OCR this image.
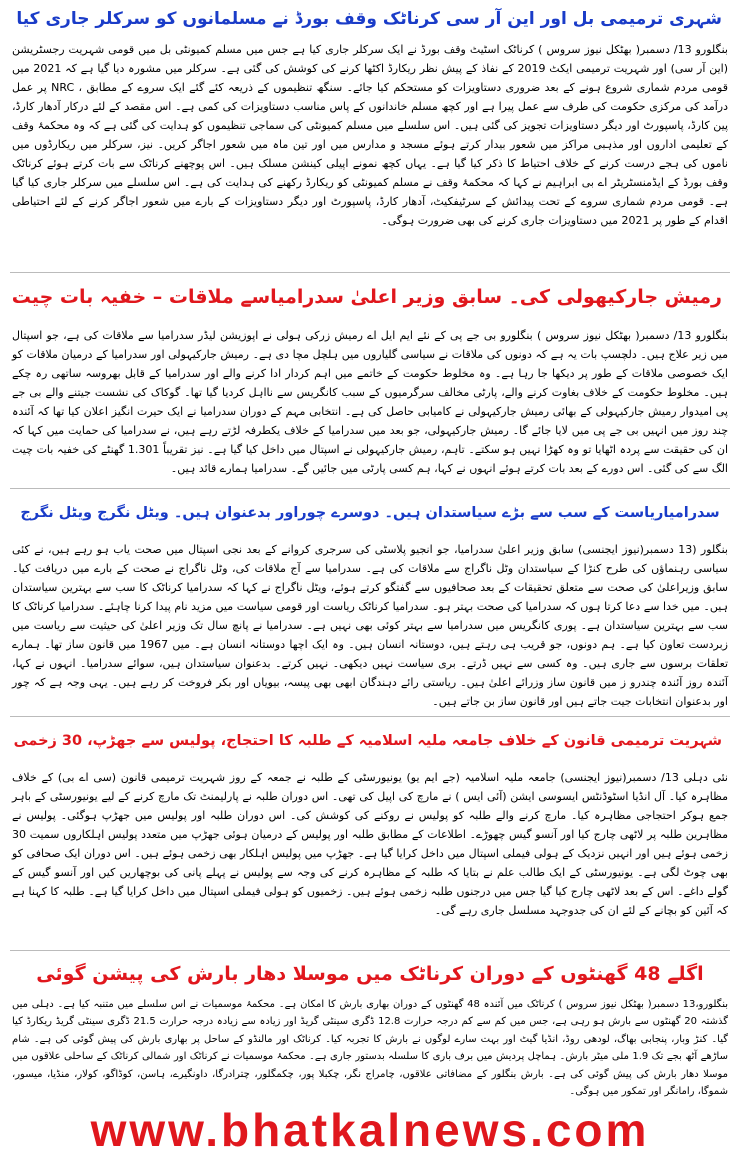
شہری ترمیمی بل اور این آر سی کرناٹک وقف بورڈ نے مسلمانوں کو سرکلر جاری کیا

بنگلورو 13/ دسمبر( بھٹکل نیوز سروس ) کرناٹک اسٹیٹ وقف بورڈ نے ایک سرکلر جاری کیا ہے جس میں مسلم کمیونٹی بل میں قومی شہریت رجسٹریشن (این آر سی) اور شہریت ترمیمی ایکٹ 2019 کے نفاذ کے پیش نظر ریکارڈ اکٹھا کرنے کی کوشش کی گئی ہے۔ سرکلر میں مشورہ دیا گیا ہے کہ 2021 میں قومی مردم شماری شروع ہونے کے بعد ضروری دستاویزات کو مستحکم کیا جائے۔ سنگھ تنظیموں کے ذریعہ کئے گئے ایک سروے کے مطابق ، NRC پر عمل درآمد کی مرکزی حکومت کی طرف سے عمل پیرا ہے اور کچھ مسلم خاندانوں کے پاس مناسب دستاویزات کی کمی ہے۔ اس مقصد کے لئے درکار آدھار کارڈ، پین کارڈ، پاسپورٹ اور دیگر دستاویزات تجویز کی گئی ہیں۔ اس سلسلے میں مسلم کمیونٹی کی سماجی تنظیموں کو ہدایت کی گئی ہے کہ وہ محکمۂ وقف کے تعلیمی اداروں اور مذہبی مراکز میں شعور بیدار کرتے ہوئے مسجد و مدارس میں اور تین ماہ میں شعور اجاگر کریں۔ نیز، سرکلر میں ریکارڈوں میں ناموں کی ہجے درست کرنے کے خلاف احتیاط کا ذکر کیا گیا ہے۔ یہاں کچھ نمونے اپیلی کینشن مسلک ہیں۔ اس پوچھنے کرناٹک سے بات کرتے ہوئے کرناٹک وقف بورڈ کے ایڈمنسٹریٹر اے بی ابراہیم نے کہا کہ محکمۂ وقف نے مسلم کمیونٹی کو ریکارڈ رکھنے کی ہدایت کی ہے۔ اس سلسلے میں سرکلر جاری کیا گیا ہے۔ قومی مردم شماری سروے کے تحت پیدائش کے سرٹیفکیٹ، آدھار کارڈ، پاسپورٹ اور دیگر دستاویزات کے بارے میں شعور اجاگر کرنے کے لئے احتیاطی اقدام کے طور پر 2021 میں دستاویزات جاری کرنے کی بھی ضرورت ہوگی۔

رمیش جارکیھولی کی۔ سابق وزیر اعلیٰ سدرامیاسے ملاقات – خفیہ بات چیت

بنگلورو 13/ دسمبر( بھٹکل نیوز سروس ) بنگلورو بی جے پی کے نئے ایم ایل اے رمیش زرکی ہولی نے اپوزیشن لیڈر سدرامیا سے ملاقات کی ہے، جو اسپتال میں زیر علاج ہیں۔ دلچسپ بات یہ ہے کہ دونوں کی ملاقات نے سیاسی گلیاروں میں ہلچل مچا دی ہے۔ رمیش جارکیہولی اور سدرامیا کے درمیان ملاقات کو ایک خصوصی ملاقات کے طور پر دیکھا جا رہا ہے۔ وہ مخلوط حکومت کے خاتمے میں اہم کردار ادا کرنے والے اور سدرامیا کے قابل بھروسہ ساتھی رہ چکے ہیں۔ مخلوط حکومت کے خلاف بغاوت کرنے والے، پارٹی مخالف سرگرمیوں کے سبب کانگریس سے نااہل کردیا گیا تھا۔ گوکاک کی نشست جیتنے والے بی جے پی امیدوار رمیش جارکیہولی کے بھائی رمیش جارکیہولی نے کامیابی حاصل کی ہے۔ انتخابی مہم کے دوران سدرامیا نے ایک حیرت انگیز اعلان کیا تھا کہ آئندہ چند روز میں انہیں بی جے پی میں لایا جائے گا۔ رمیش جارکیہولی، جو بعد میں سدرامیا کے خلاف یکطرفہ لڑتے رہے ہیں، نے سدرامیا کی حمایت میں کہا کہ ان کی حقیقت سے پردہ اٹھایا تو وہ کھڑا نہیں ہو سکتے۔ تاہم، رمیش جارکیہولی نے اسپتال میں داخل کیا گیا ہے۔ نیز تقریباً 1.301 گھنٹے کی خفیہ بات چیت الگ سے کی گئی۔ اس دورے کے بعد بات کرتے ہوئے انہوں نے کہا، ہم کسی پارٹی میں جائیں گے۔ سدرامیا ہمارے قائد ہیں۔

سدرامیاریاست کے سب سے بڑے سیاستدان ہیں۔ دوسرے چوراور بدعنوان ہیں۔ ویٹل نگرج ویٹل نگرج

بنگلور (13 دسمبر(نیوز ایجنسی) سابق وزیر اعلیٰ سدرامیا، جو انجیو پلاسٹی کی سرجری کروانے کے بعد نجی اسپتال میں صحت یاب ہو رہے ہیں، نے کئی سیاسی رہنماؤں کی طرح کنڑا کے سیاستدان وٹل ناگراج سے ملاقات کی ہے۔ سدرامیا سے آج ملاقات کی، وٹل ناگراج نے صحت کے بارے میں دریافت کیا۔ سابق وزیراعلیٰ کی صحت سے متعلق تحقیقات کے بعد صحافیوں سے گفتگو کرتے ہوئے، ویٹل ناگراج نے کہا کہ سدرامیا کرناٹک کا سب سے بہترین سیاستدان ہیں۔ میں خدا سے دعا کرتا ہوں کہ سدرامیا کی صحت بہتر ہو۔ سدرامیا کرناٹک ریاست اور قومی سیاست میں مزید نام پیدا کرنا چاہئے۔ سدرامیا کرناٹک کا سب سے بہترین سیاستدان ہے۔ پوری کانگریس میں سدرامیا سے بہتر کوئی بھی نہیں ہے۔ سدرامیا نے پانچ سال تک وزیر اعلیٰ کی حیثیت سے ریاست میں زبردست تعاون کیا ہے۔ ہم دونوں، جو قریب ہی رہتے ہیں، دوستانہ انسان ہیں۔ وہ ایک اچھا دوستانہ انسان ہے۔ میں 1967 میں قانون ساز تھا۔ ہمارے تعلقات برسوں سے جاری ہیں۔ وہ کسی سے نہیں ڈرتے۔ بری سیاست نہیں دیکھی۔ نہیں کرتے۔ بدعنوان سیاستدان ہیں، سوائے سدرامیا۔ انہوں نے کہا، آئندہ روز آئندہ چندرو ز میں قانون ساز وزرائے اعلیٰ ہیں۔ ریاستی رائے دہندگان ابھی بھی پیسہ، بیویاں اور بکر فروخت کر رہے ہیں۔ یہی وجہ ہے کہ چور اور بدعنوان انتخابات جیت جاتے ہیں اور قانون ساز بن جاتے ہیں۔

شہریت ترمیمی قانون کے خلاف جامعہ ملیہ اسلامیہ کے طلبہ کا احتجاج، پولیس سے جھڑپ، 30 زخمی

نئی دہلی 13/ دسمبر(نیوز ایجنسی) جامعہ ملیہ اسلامیہ (جے ایم یو) یونیورسٹی کے طلبہ نے جمعہ کے روز شہریت ترمیمی قانون (سی اے بی) کے خلاف مظاہرہ کیا۔ آل انڈیا اسٹوڈنٹس ایسوسی ایشن (آئی ایس ) نے مارچ کی اپیل کی تھی۔ اس دوران طلبہ نے پارلیمنٹ تک مارچ کرنے کے لیے یونیورسٹی کے باہر جمع ہوکر احتجاجی مظاہرہ کیا۔ مارچ کرنے والے طلبہ کو پولیس نے روکنے کی کوشش کی۔ اس دوران طلبہ اور پولیس میں جھڑپ ہوگئی۔ پولیس نے مظاہرین طلبہ پر لاٹھی چارج کیا اور آنسو گیس چھوڑے۔ اطلاعات کے مطابق طلبہ اور پولیس کے درمیان ہوئی جھڑپ میں متعدد پولیس اہلکاروں سمیت 30 زخمی ہوئے ہیں اور انہیں نزدیک کے ہولی فیملی اسپتال میں داخل کرایا گیا ہے۔ جھڑپ میں پولیس اہلکار بھی زخمی ہوئے ہیں۔ اس دوران ایک صحافی کو بھی چوٹ لگی ہے۔ یونیورسٹی کے ایک طالب علم نے بتایا کہ طلبہ کے مظاہرہ کرنے کی وجہ سے پولیس نے پہلے پانی کی بوچھاریں کیں اور آنسو گیس کے گولے داغے۔ اس کے بعد لاٹھی چارج کیا گیا جس میں درجنوں طلبہ زخمی ہوئے ہیں۔ زخمیوں کو ہولی فیملی اسپتال میں داخل کرایا گیا ہے۔ طلبہ کا کہنا ہے کہ آئین کو بچانے کے لئے ان کی جدوجہد مسلسل جاری رہے گی۔

اگلے 48 گھنٹوں کے دوران کرناٹک میں موسلا دھار بارش کی پیشن گوئی

بنگلورو،13 دسمبر( بھٹکل نیوز سروس ) کرناٹک میں آئندہ 48 گھنٹوں کے دوران بھاری بارش کا امکان ہے۔ محکمۂ موسمیات نے اس سلسلے میں متنبہ کیا ہے۔ دہلی میں گذشتہ 20 گھنٹوں سے بارش ہو رہی ہے، جس میں کم سے کم درجہ حرارت 12.8 ڈگری سینٹی گریڈ اور زیادہ سے زیادہ درجہ حرارت 21.5 ڈگری سینٹی گریڈ ریکارڈ کیا گیا۔ کنڑ وبار، پنجابی بھاگ، لودھی روڈ، انڈیا گیٹ اور بہت سارے لوگوں نے بارش کا تجربہ کیا۔ کرناٹک اور مالنڈو کے ساحل پر بھاری بارش کی پیش گوئی کی ہے۔ شام ساڑھے آٹھ بجے تک 1.9 ملی میٹر بارش۔ ہماچل پردیش میں برف باری کا سلسلہ بدستور جاری ہے۔ محکمۂ موسمیات نے کرناٹک اور شمالی کرناٹک کے ساحلی علاقوں میں موسلا دھار بارش کی پیش گوئی کی ہے۔ بارش بنگلور کے مضافاتی علاقوں، چامراج نگر، چکبلا پور، چکمگلور، چترادرگا، داونگیرے، ہاسن، کوڈاگو، کولار، منڈیا، میسور، شموگا، رامانگر اور تمکور میں ہوگی۔

www.bhatkalnews.com
